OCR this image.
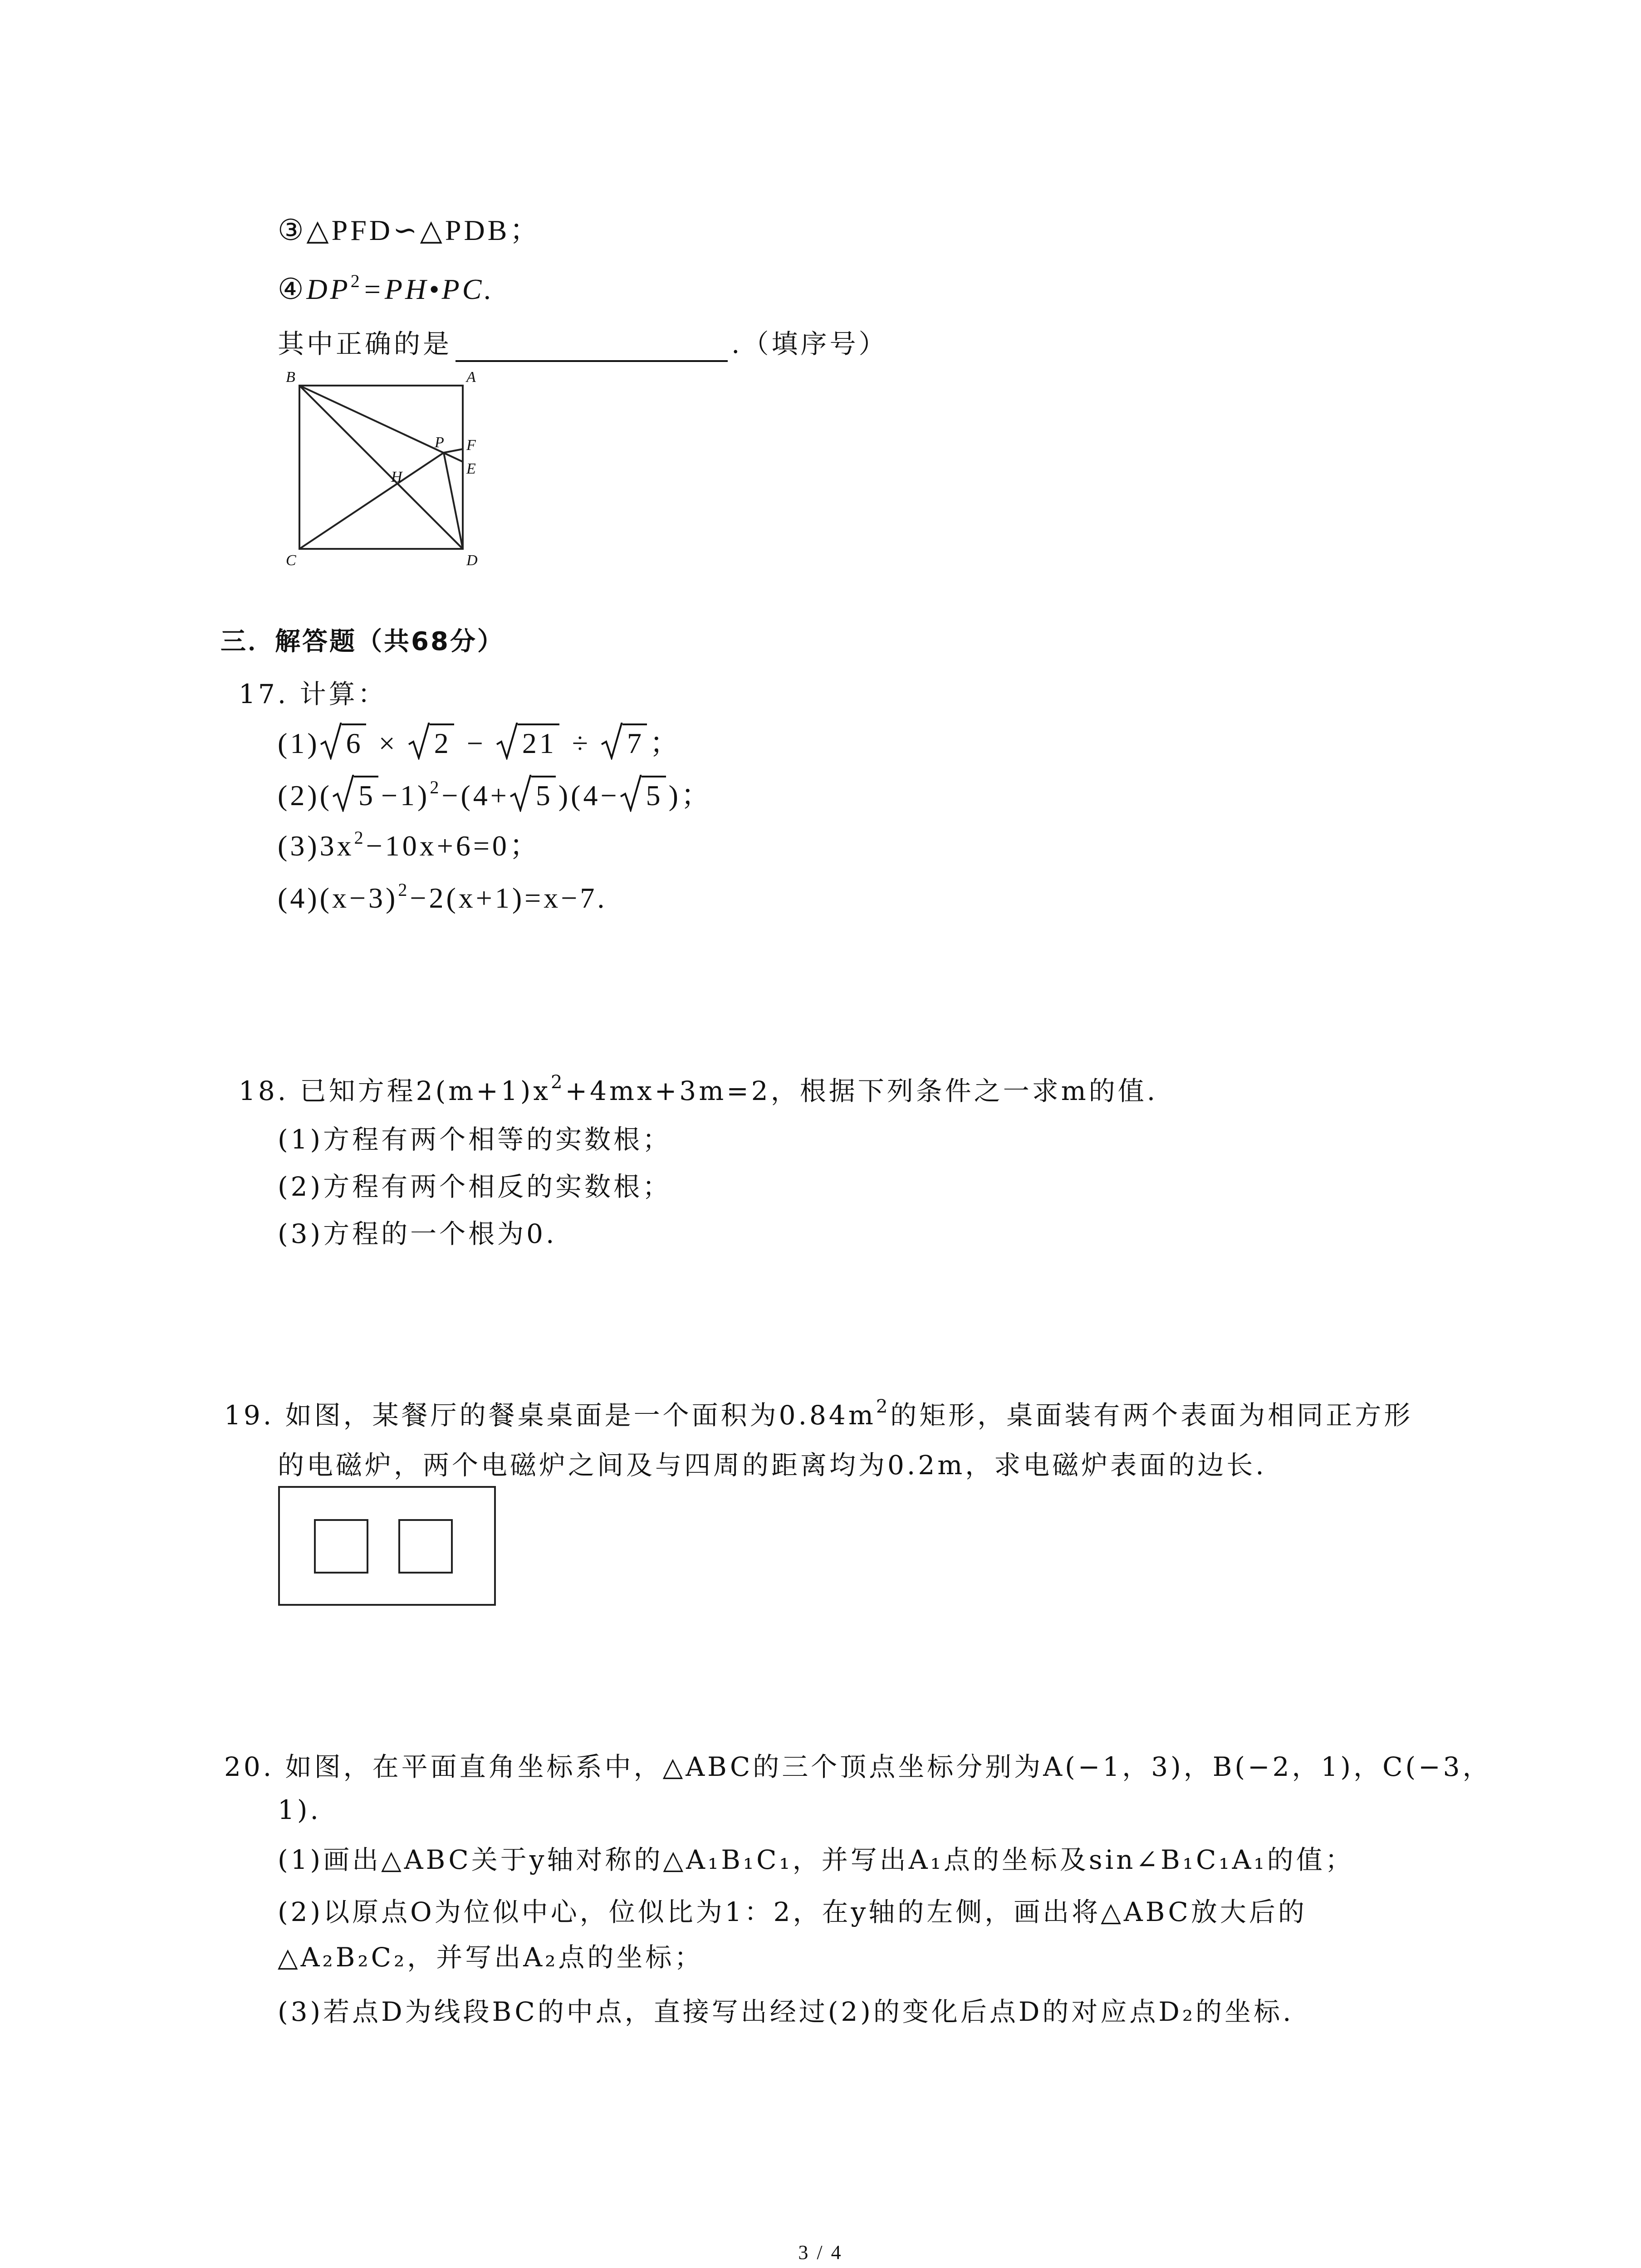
③△PFD∽△PDB；
$④DP^2=PH•PC$.
其中正确的是	.（填序号）
B	A
P F
H	E
C	D
三．解答题（共68分）
17. 计算：
(1) 6 ×
2 −
21 ÷
7 ；
(2)( 5 −1)$^2$−(4+ 5 )(4− 5 )；
$(3)3x^2-10x+6=0$；
$(4)(x-3)^2-2(x+1)=x-7$.
18. 已知方程$2(m+1)x^2+4mx+3m=2$，根据下列条件之一求m的值.
(1)方程有两个相等的实数根；
(2)方程有两个相反的实数根；
(3)方程的一个根为0.
19. 如图，某餐厅的餐桌桌面是一个面积为$0.84m^2$的矩形，桌面装有两个表面为相同正方形
的电磁炉，两个电磁炉之间及与四周的距离均为0.2m，求电磁炉表面的边长.
20. 如图，在平面直角坐标系中，△ABC的三个顶点坐标分别为A(−1，3)，B(−2，1)，C(−3，
1).
(1)画出△ABC关于y轴对称的△A₁B₁C₁，并写出A₁点的坐标及sin∠B₁C₁A₁的值；
(2)以原点O为位似中心，位似比为1：2，在y轴的左侧，画出将△ABC放大后的
△A₂B₂C₂，并写出A₂点的坐标；
(3)若点D为线段BC的中点，直接写出经过(2)的变化后点D的对应点D₂的坐标.
3 / 4
